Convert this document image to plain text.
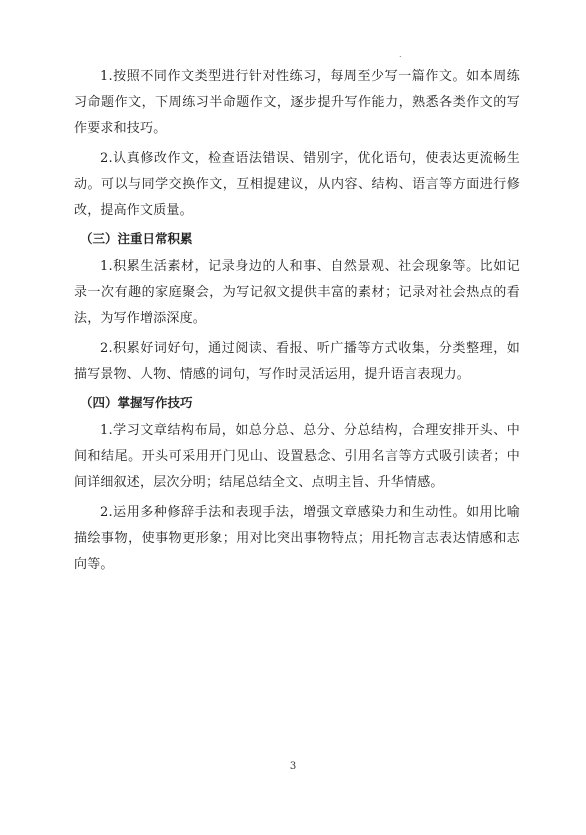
.

1.按照不同作文类型进行针对性练习，每周至少写一篇作文。如本周练习命题作文，下周练习半命题作文，逐步提升写作能力，熟悉各类作文的写作要求和技巧。

2.认真修改作文，检查语法错误、错别字，优化语句，使表达更流畅生动。可以与同学交换作文，互相提建议，从内容、结构、语言等方面进行修改，提高作文质量。

（三）注重日常积累

1.积累生活素材，记录身边的人和事、自然景观、社会现象等。比如记录一次有趣的家庭聚会，为写记叙文提供丰富的素材；记录对社会热点的看法，为写作增添深度。

2.积累好词好句，通过阅读、看报、听广播等方式收集，分类整理，如描写景物、人物、情感的词句，写作时灵活运用，提升语言表现力。

（四）掌握写作技巧

1.学习文章结构布局，如总分总、总分、分总结构，合理安排开头、中间和结尾。开头可采用开门见山、设置悬念、引用名言等方式吸引读者；中间详细叙述，层次分明；结尾总结全文、点明主旨、升华情感。

2.运用多种修辞手法和表现手法，增强文章感染力和生动性。如用比喻描绘事物，使事物更形象；用对比突出事物特点；用托物言志表达情感和志向等。

3
